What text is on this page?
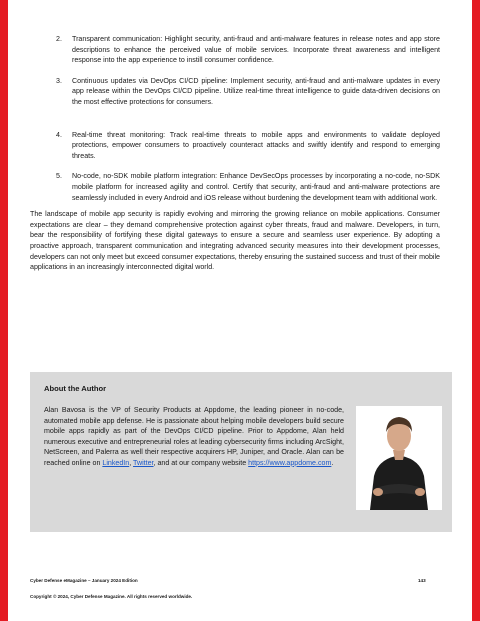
2.	Transparent communication: Highlight security, anti-fraud and anti-malware features in release notes and app store descriptions to enhance the perceived value of mobile services. Incorporate threat awareness and intelligent response into the app experience to instill consumer confidence.
3.	Continuous updates via DevOps CI/CD pipeline: Implement security, anti-fraud and anti-malware updates in every app release within the DevOps CI/CD pipeline. Utilize real-time threat intelligence to guide data-driven decisions on the most effective protections for consumers.
4.	Real-time threat monitoring: Track real-time threats to mobile apps and environments to validate deployed protections, empower consumers to proactively counteract attacks and swiftly identify and respond to emerging threats.
5.	No-code, no-SDK mobile platform integration: Enhance DevSecOps processes by incorporating a no-code, no-SDK mobile platform for increased agility and control. Certify that security, anti-fraud and anti-malware protections are seamlessly included in every Android and iOS release without burdening the development team with additional work.

The landscape of mobile app security is rapidly evolving and mirroring the growing reliance on mobile applications. Consumer expectations are clear – they demand comprehensive protection against cyber threats, fraud and malware. Developers, in turn, bear the responsibility of fortifying these digital gateways to ensure a secure and seamless user experience. By adopting a proactive approach, transparent communication and integrating advanced security measures into their development processes, developers can not only meet but exceed consumer expectations, thereby ensuring the sustained success and trust of their mobile applications in an increasingly interconnected digital world.

About the Author
Alan Bavosa is the VP of Security Products at Appdome, the leading pioneer in no-code, automated mobile app defense. He is passionate about helping mobile developers build secure mobile apps rapidly as part of the DevOps CI/CD pipeline. Prior to Appdome, Alan held numerous executive and entrepreneurial roles at leading cybersecurity firms including ArcSight, NetScreen, and Palerra as well their respective acquirers HP, Juniper, and Oracle. Alan can be reached online on LinkedIn, Twitter, and at our company website https://www.appdome.com.
Cyber Defense eMagazine – January 2024 Edition	143
Copyright © 2024, Cyber Defense Magazine. All rights reserved worldwide.
